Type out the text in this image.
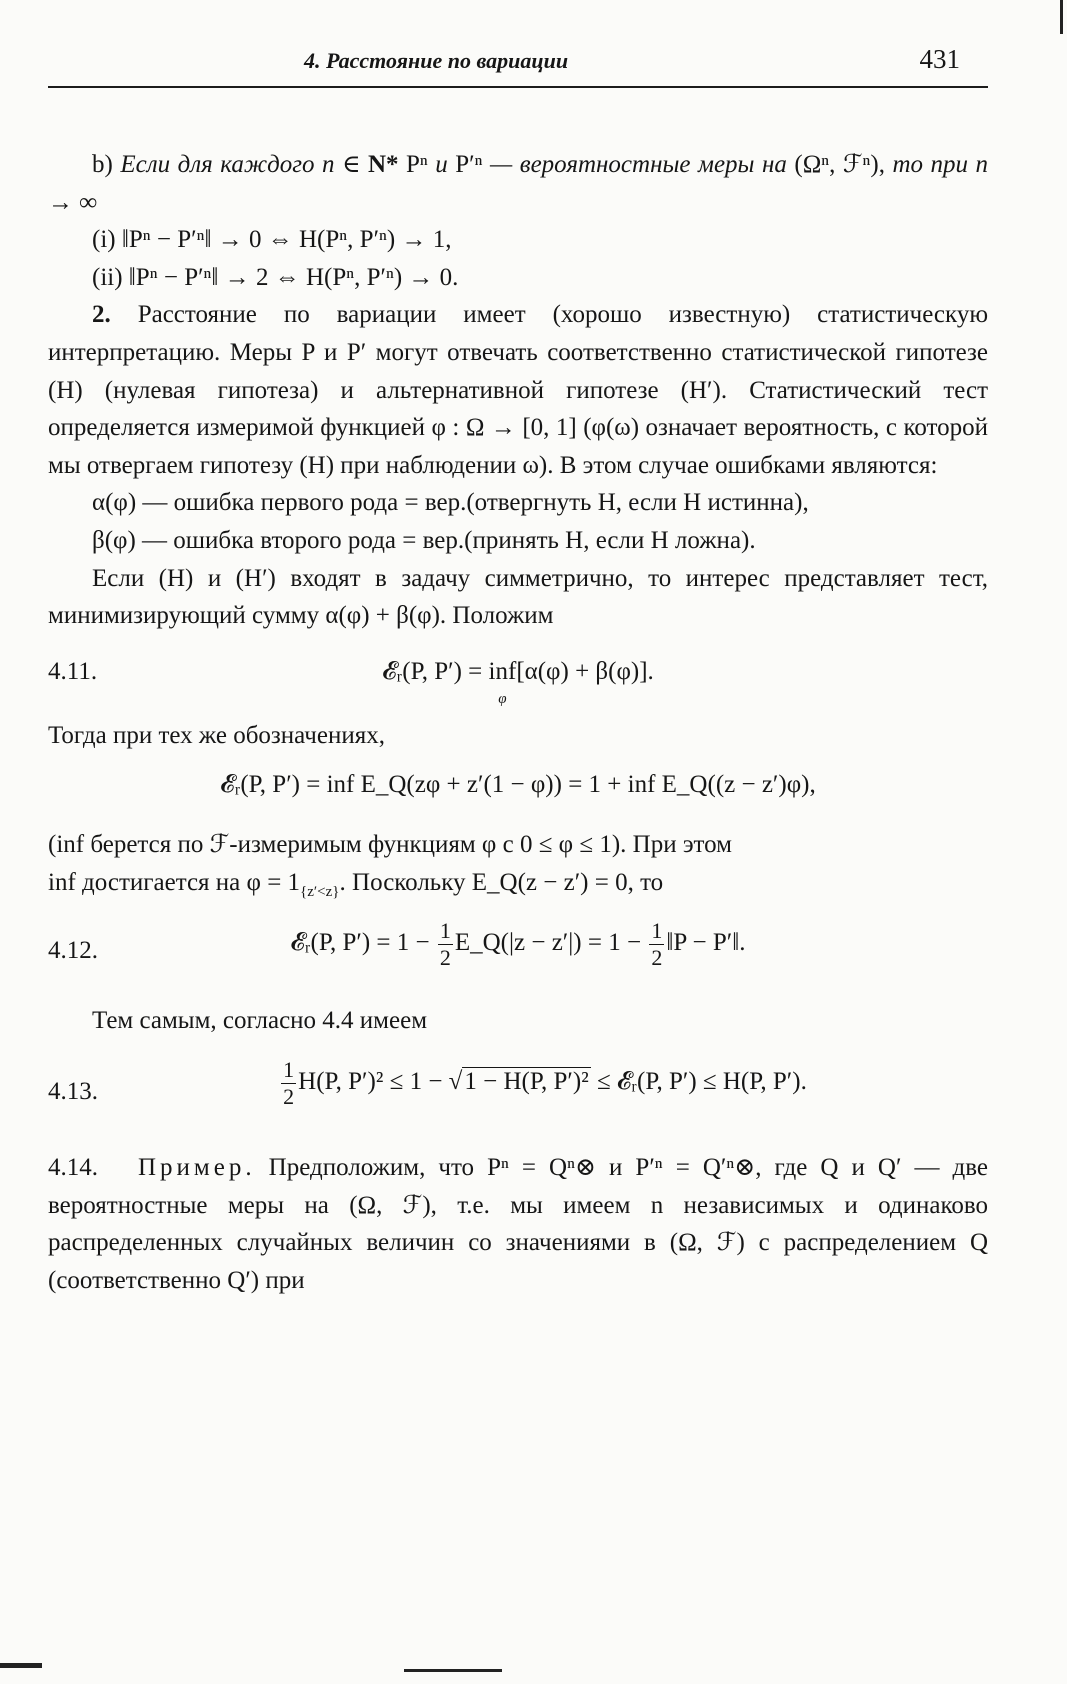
4. Расстояние по вариации	431

b) Если для каждого n ∈ N* Pⁿ и P′ⁿ — вероятностные меры на (Ωⁿ, ℱⁿ), то при n → ∞

(i) ‖Pⁿ − P′ⁿ‖ → 0 ⇔ H(Pⁿ, P′ⁿ) → 1,

(ii) ‖Pⁿ − P′ⁿ‖ → 2 ⇔ H(Pⁿ, P′ⁿ) → 0.

2. Расстояние по вариации имеет (хорошо известную) статистическую интерпретацию. Меры P и P′ могут отвечать соответственно статистической гипотезе (H) (нулевая гипотеза) и альтернативной гипотезе (H′). Статистический тест определяется измеримой функцией φ : Ω → [0, 1] (φ(ω) означает вероятность, с которой мы отвергаем гипотезу (H) при наблюдении ω). В этом случае ошибками являются:

α(φ) — ошибка первого рода = вер.(отвергнуть H, если H истинна),

β(φ) — ошибка второго рода = вер.(принять H, если H ложна).

Если (H) и (H′) входят в задачу симметрично, то интерес представляет тест, минимизирующий сумму α(φ) + β(φ). Положим

4.11.	𝓔ᵣ(P, P′) = inf
φ
[α(φ) + β(φ)].

Тогда при тех же обозначениях,

𝓔ᵣ(P, P′) = inf E_Q(zφ + z′(1 − φ)) = 1 + inf E_Q((z − z′)φ),

(inf берется по ℱ-измеримым функциям φ с 0 ≤ φ ≤ 1). При этом

inf достигается на $\varphi = 1_{\{z'<z\}}$. Поскольку E_Q(z − z′) = 0, то

4.12.	𝓔ᵣ(P, $P') = 1 - \frac{1}{2}$ E_Q(|z − $z'|) = 1 - \frac{1}{2}$ ‖P − P′‖.

Тем самым, согласно 4.4 имеем

4.13.	$\frac{1}{2} H(P$, P′)² ≤ 1 − √1 − H(P, P′)² ≤ 𝓔ᵣ(P, P′) ≤ H(P, P′).

4.14. Пример. Предположим, что Pⁿ = Qⁿ⊗ и P′ⁿ = Q′ⁿ⊗, где Q и Q′ — две вероятностные меры на (Ω, ℱ), т.е. мы имеем n независимых и одинаково распределенных случайных величин со значениями в (Ω, ℱ) с распределением Q (соответственно Q′) при
